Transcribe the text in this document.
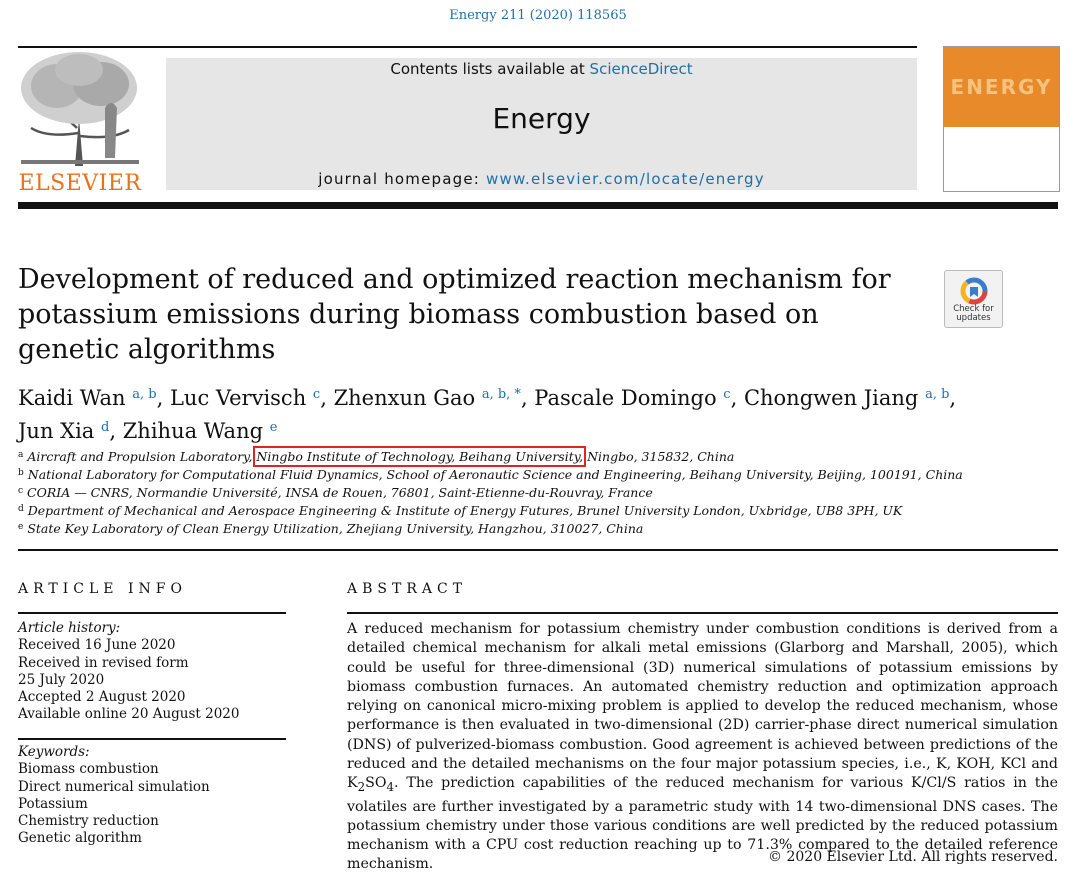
Energy 211 (2020) 118565
ELSEVIER
Contents lists available at ScienceDirect
Energy
journal homepage: www.elsevier.com/locate/energy
ENERGY
Development of reduced and optimized reaction mechanism for potassium emissions during biomass combustion based on genetic algorithms
Check for
updates
Kaidi Wan $^{a, b}$, Luc Vervisch $^c$, Zhenxun Gao $^{a, b, *}$, Pascale Domingo $^c$, Chongwen Jiang $^{a, b}$,
Jun Xia $^d$, Zhihua Wang $^e$
$^a$ Aircraft and Propulsion Laboratory, Ningbo Institute of Technology, Beihang University, Ningbo, 315832, China
$^b$ National Laboratory for Computational Fluid Dynamics, School of Aeronautic Science and Engineering, Beihang University, Beijing, 100191, China
$^c$ CORIA — CNRS, Normandie Université, INSA de Rouen, 76801, Saint-Etienne-du-Rouvray, France
$^d$ Department of Mechanical and Aerospace Engineering & Institute of Energy Futures, Brunel University London, Uxbridge, UB8 3PH, UK
$^e$ State Key Laboratory of Clean Energy Utilization, Zhejiang University, Hangzhou, 310027, China
ARTICLE INFO
Article history:
Received 16 June 2020
Received in revised form
25 July 2020
Accepted 2 August 2020
Available online 20 August 2020
Keywords:
Biomass combustion
Direct numerical simulation
Potassium
Chemistry reduction
Genetic algorithm
ABSTRACT
A reduced mechanism for potassium chemistry under combustion conditions is derived from a detailed chemical mechanism for alkali metal emissions (Glarborg and Marshall, 2005), which could be useful for three-dimensional (3D) numerical simulations of potassium emissions by biomass combustion furnaces. An automated chemistry reduction and optimization approach relying on canonical micro-mixing problem is applied to develop the reduced mechanism, whose performance is then evaluated in two-dimensional (2D) carrier-phase direct numerical simulation (DNS) of pulverized-biomass combustion. Good agreement is achieved between predictions of the reduced and the detailed mechanisms on the four major potassium species, i.e., K, KOH, KCl and $K_2SO_4$. The prediction capabilities of the reduced mechanism for various K/Cl/S ratios in the volatiles are further investigated by a parametric study with 14 two-dimensional DNS cases. The potassium chemistry under those various conditions are well predicted by the reduced potassium mechanism with a CPU cost reduction reaching up to 71.3% compared to the detailed reference mechanism.	© 2020 Elsevier Ltd. All rights reserved.
